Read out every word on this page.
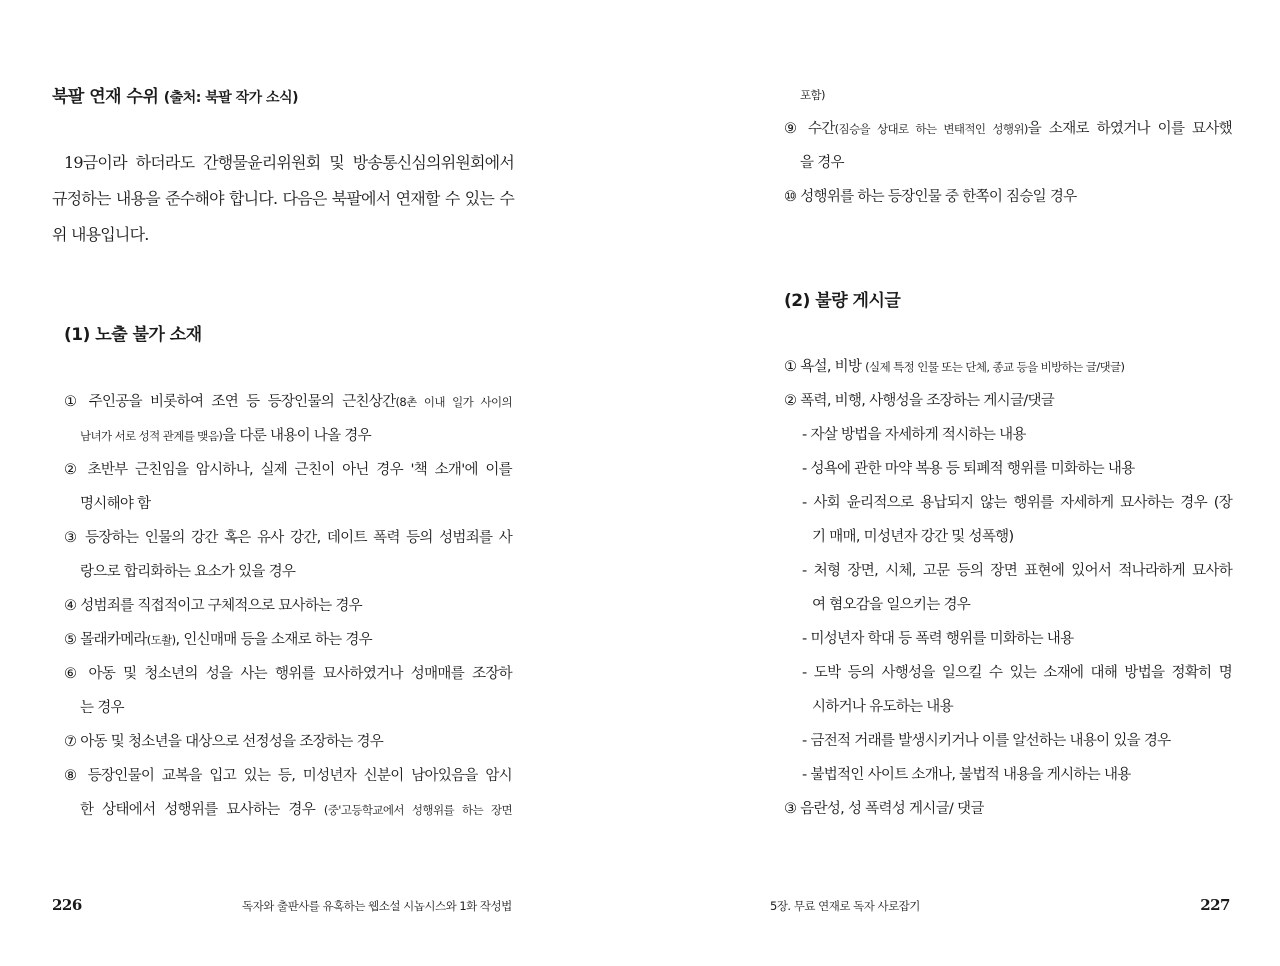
북팔 연재 수위 (출처: 북팔 작가 소식)

19금이라 하더라도 간행물윤리위원회 및 방송통신심의위원회에서 규정하는 내용을 준수해야 합니다. 다음은 북팔에서 연재할 수 있는 수위 내용입니다.

(1) 노출 불가 소재
① 주인공을 비롯하여 조연 등 등장인물의 근친상간(8촌 이내 일가 사이의
남녀가 서로 성적 관계를 맺음)을 다룬 내용이 나올 경우
② 초반부 근친임을 암시하나, 실제 근친이 아닌 경우 '책 소개'에 이를
명시해야 함
③ 등장하는 인물의 강간 혹은 유사 강간, 데이트 폭력 등의 성범죄를 사
랑으로 합리화하는 요소가 있을 경우
④ 성범죄를 직접적이고 구체적으로 묘사하는 경우
⑤ 몰래카메라(도촬), 인신매매 등을 소재로 하는 경우
⑥ 아동 및 청소년의 성을 사는 행위를 묘사하였거나 성매매를 조장하
는 경우
⑦ 아동 및 청소년을 대상으로 선정성을 조장하는 경우
⑧ 등장인물이 교복을 입고 있는 등, 미성년자 신분이 남아있음을 암시
한 상태에서 성행위를 묘사하는 경우 (중'고등학교에서 성행위를 하는 장면
226	독자와 출판사를 유혹하는 웹소설 시놉시스와 1화 작성법
포함)
⑨ 수간(짐승을 상대로 하는 변태적인 성행위)을 소재로 하였거나 이를 묘사했
을 경우
⑩ 성행위를 하는 등장인물 중 한쪽이 짐승일 경우
(2) 불량 게시글
① 욕설, 비방 (실제 특정 인물 또는 단체, 종교 등을 비방하는 글/댓글)
② 폭력, 비행, 사행성을 조장하는 게시글/댓글
- 자살 방법을 자세하게 적시하는 내용
- 성욕에 관한 마약 복용 등 퇴폐적 행위를 미화하는 내용
- 사회 윤리적으로 용납되지 않는 행위를 자세하게 묘사하는 경우 (장
기 매매, 미성년자 강간 및 성폭행)
- 처형 장면, 시체, 고문 등의 장면 표현에 있어서 적나라하게 묘사하
여 혐오감을 일으키는 경우
- 미성년자 학대 등 폭력 행위를 미화하는 내용
- 도박 등의 사행성을 일으킬 수 있는 소재에 대해 방법을 정확히 명
시하거나 유도하는 내용
- 금전적 거래를 발생시키거나 이를 알선하는 내용이 있을 경우
- 불법적인 사이트 소개나, 불법적 내용을 게시하는 내용
③ 음란성, 성 폭력성 게시글/ 댓글
5장. 무료 연재로 독자 사로잡기	227
